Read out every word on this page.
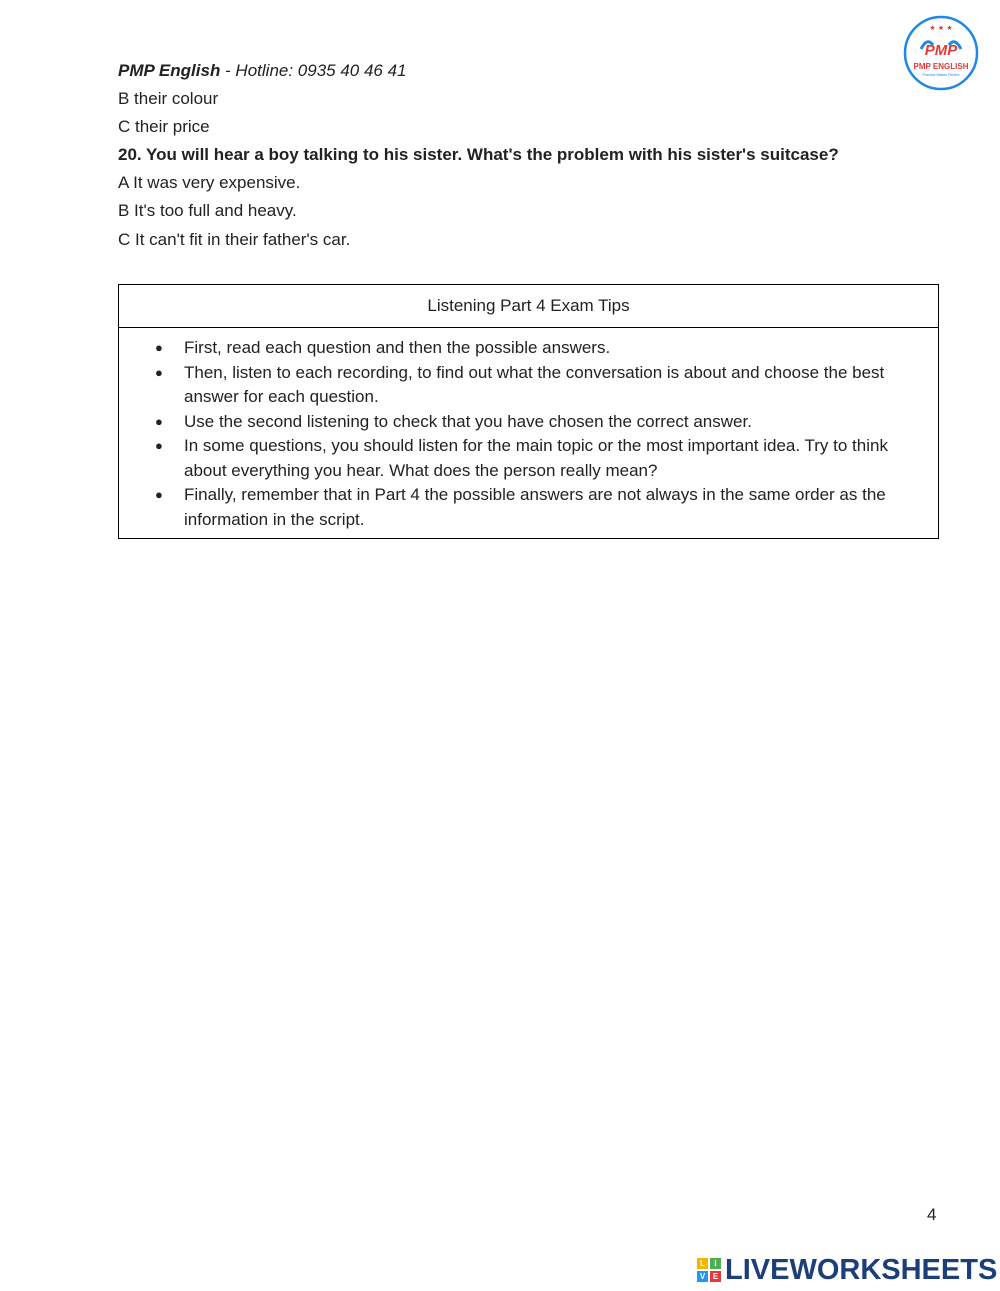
PMP English - Hotline: 0935 40 46 41
B their colour
C their price
20. You will hear a boy talking to his sister. What's the problem with his sister's suitcase?
A It was very expensive.
B It's too full and heavy.
C It can't fit in their father's car.
Listening Part 4 Exam Tips
● First, read each question and then the possible answers.
● Then, listen to each recording, to find out what the conversation is about and choose the best answer for each question.
● Use the second listening to check that you have chosen the correct answer.
● In some questions, you should listen for the main topic or the most important idea. Try to think about everything you hear. What does the person really mean?
● Finally, remember that in Part 4 the possible answers are not always in the same order as the information in the script.
★ ★ ★
PMP
PMP ENGLISH
Practice Makes Perfect
4
L	I
V E LIVEWORKSHEETS
